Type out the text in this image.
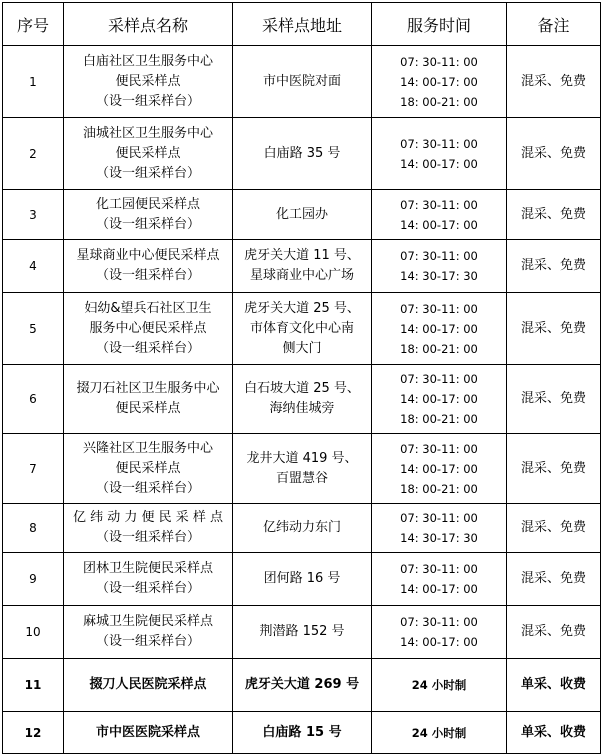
序号	采样点名称	采样点地址	服务时间	备注
1	白庙社区卫生服务中心
便民采样点
（设一组采样台）	市中医院对面	07: 30-11: 00
14: 00-17: 00
18: 00-21: 00	混采、免费
2	油城社区卫生服务中心
便民采样点
（设一组采样台）	白庙路 35 号	07: 30-11: 00
14: 00-17: 00	混采、免费
3	化工园便民采样点
（设一组采样台）	化工园办	07: 30-11: 00
14: 00-17: 00	混采、免费
4	星球商业中心便民采样点
（设一组采样台）	虎牙关大道 11 号、
星球商业中心广场	07: 30-11: 00
14: 30-17: 30	混采、免费
5	妇幼&望兵石社区卫生
服务中心便民采样点
（设一组采样台）	虎牙关大道 25 号、
市体育文化中心南
侧大门	07: 30-11: 00
14: 00-17: 00
18: 00-21: 00	混采、免费
6	掇刀石社区卫生服务中心
便民采样点	白石坡大道 25 号、
海纳佳城旁	07: 30-11: 00
14: 00-17: 00
18: 00-21: 00	混采、免费
7	兴隆社区卫生服务中心
便民采样点
（设一组采样台）	龙井大道 419 号、
百盟慧谷	07: 30-11: 00
14: 00-17: 00
18: 00-21: 00	混采、免费
8	亿 纬 动 力 便 民 采 样 点
（设一组采样台）	亿纬动力东门	07: 30-11: 00
14: 30-17: 30	混采、免费
9	团林卫生院便民采样点
（设一组采样台）	团何路 16 号	07: 30-11: 00
14: 00-17: 00	混采、免费
10	麻城卫生院便民采样点
（设一组采样台）	荆潜路 152 号	07: 30-11: 00
14: 00-17: 00	混采、免费
11	掇刀人民医院采样点	虎牙关大道 269 号	24 小时制	单采、收费
12	市中医医院采样点	白庙路 15 号	24 小时制	单采、收费
